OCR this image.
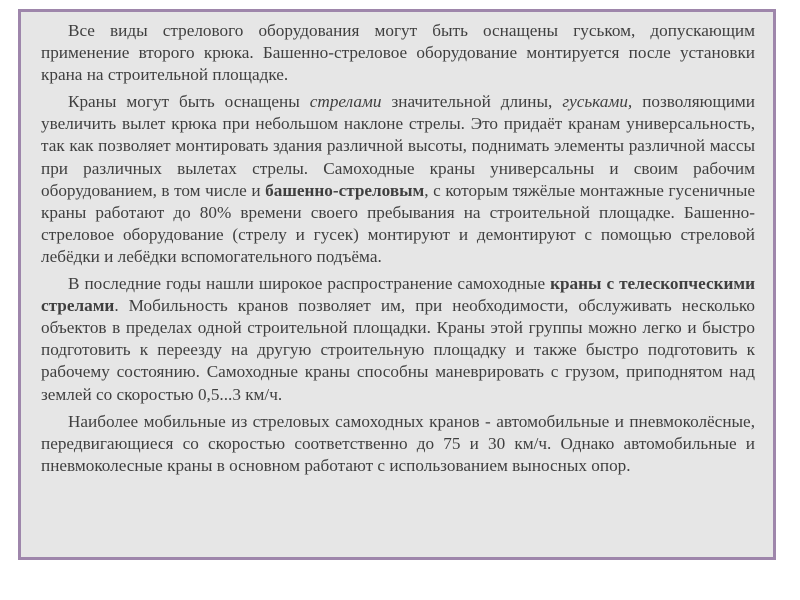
Все виды стрелового оборудования могут быть оснащены гуськом, допускающим применение второго крюка. Башенно-стреловое оборудование монтируется после установки крана на строительной площадке.

Краны могут быть оснащены стрелами значительной длины, гуськами, позволяющими увеличить вылет крюка при небольшом наклоне стрелы. Это придаёт кранам универсальность, так как позволяет монтировать здания различной высоты, поднимать элементы различной массы при различных вылетах стрелы. Самоходные краны универсальны и своим рабочим оборудованием, в том числе и башенно-стреловым, с которым тяжёлые монтажные гусеничные краны работают до 80% времени своего пребывания на строительной площадке. Башенно-стреловое оборудование (стрелу и гусек) монтируют и демонтируют с помощью стреловой лебёдки и лебёдки вспомогательного подъёма.

В последние годы нашли широкое распространение самоходные краны с телескопческими стрелами. Мобильность кранов позволяет им, при необходимости, обслуживать несколько объектов в пределах одной строительной площадки. Краны этой группы можно легко и быстро подготовить к переезду на другую строительную площадку и также быстро подготовить к рабочему состоянию. Самоходные краны способны маневрировать с грузом, приподнятом над землей со скоростью 0,5...3 км/ч.

Наиболее мобильные из стреловых самоходных кранов - автомобильные и пневмоколёсные, передвигающиеся со скоростью соответственно до 75 и 30 км/ч. Однако автомобильные и пневмоколесные краны в основном работают с использованием выносных опор.
